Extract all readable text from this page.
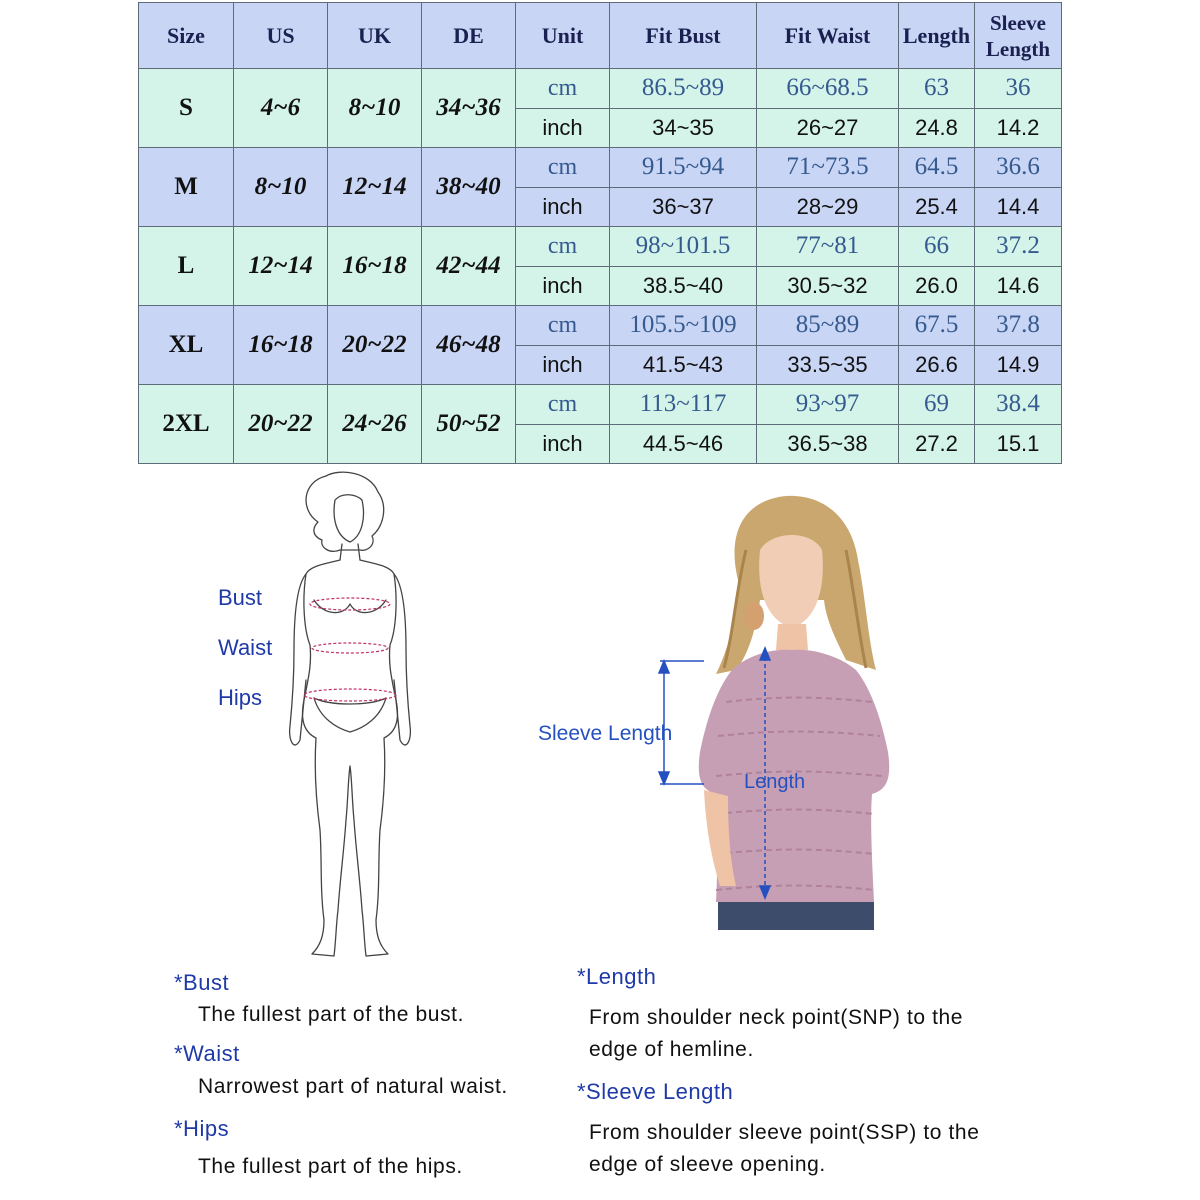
Size	US	UK	DE	Unit	Fit Bust	Fit Waist	Length	Sleeve Length
S	4~6	8~10	34~36	cm	86.5~89	66~68.5	63	36
				inch	34~35	26~27	24.8	14.2
M	8~10	12~14	38~40	cm	91.5~94	71~73.5	64.5	36.6
				inch	36~37	28~29	25.4	14.4
L	12~14	16~18	42~44	cm	98~101.5	77~81	66	37.2
				inch	38.5~40	30.5~32	26.0	14.6
XL	16~18	20~22	46~48	cm	105.5~109	85~89	67.5	37.8
				inch	41.5~43	33.5~35	26.6	14.9
2XL	20~22	24~26	50~52	cm	113~117	93~97	69	38.4
				inch	44.5~46	36.5~38	27.2	15.1

Bust

Waist

Hips

Sleeve Length

Length

*Bust

The fullest part of the bust.

*Waist

Narrowest part of natural waist.

*Hips

The fullest part of the hips.

*Length

From shoulder neck point(SNP) to the

edge of hemline.

*Sleeve Length

From shoulder sleeve point(SSP) to the

edge of sleeve opening.
